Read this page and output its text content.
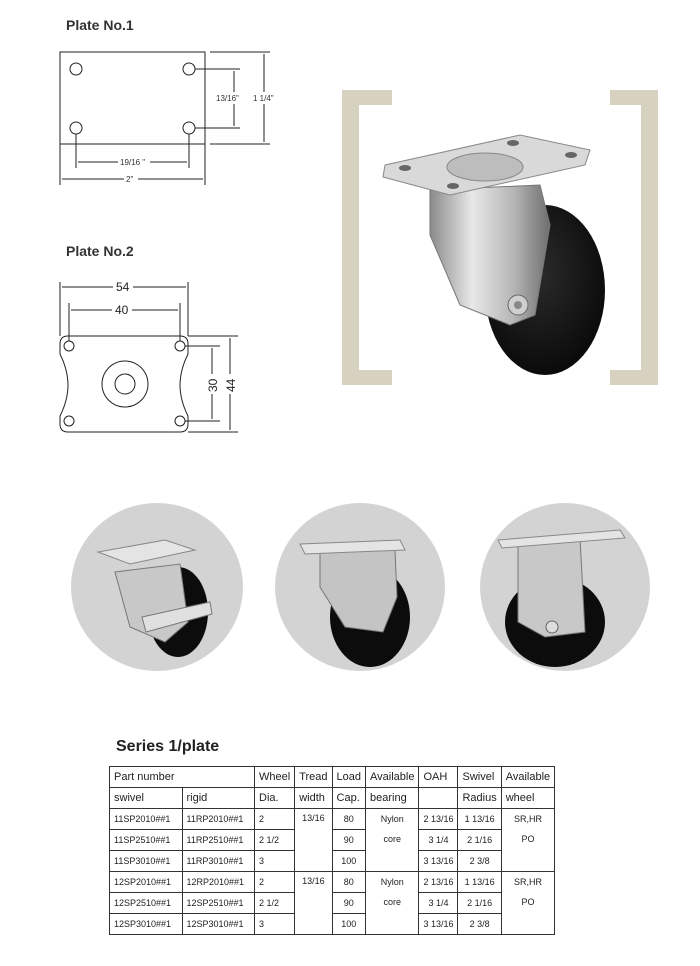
Plate No.1
13/16" 1 1/4"
19/16 "
2"
Plate No.2
54
40
30 44
Series 1/plate
Part number		Wheel	Tread	Load	Available	OAH	Swivel	Available
swivel	rigid	Dia.	width	Cap.	bearing		Radius	wheel
11SP2010##1	11RP2010##1	2	13/16	80	Nylon	2 13/16	1 13/16	SR,HR
11SP2510##1	11RP2510##1	2 1/2		90	core	3 1/4	2 1/16	PO
11SP3010##1	11RP3010##1	3		100		3 13/16	2 3/8	
12SP2010##1	12RP2010##1	2	13/16	80	Nylon	2 13/16	1 13/16	SR,HR
12SP2510##1	12SP2510##1	2 1/2		90	core	3 1/4	2 1/16	PO
12SP3010##1	12SP3010##1	3		100		3 13/16	2 3/8	
